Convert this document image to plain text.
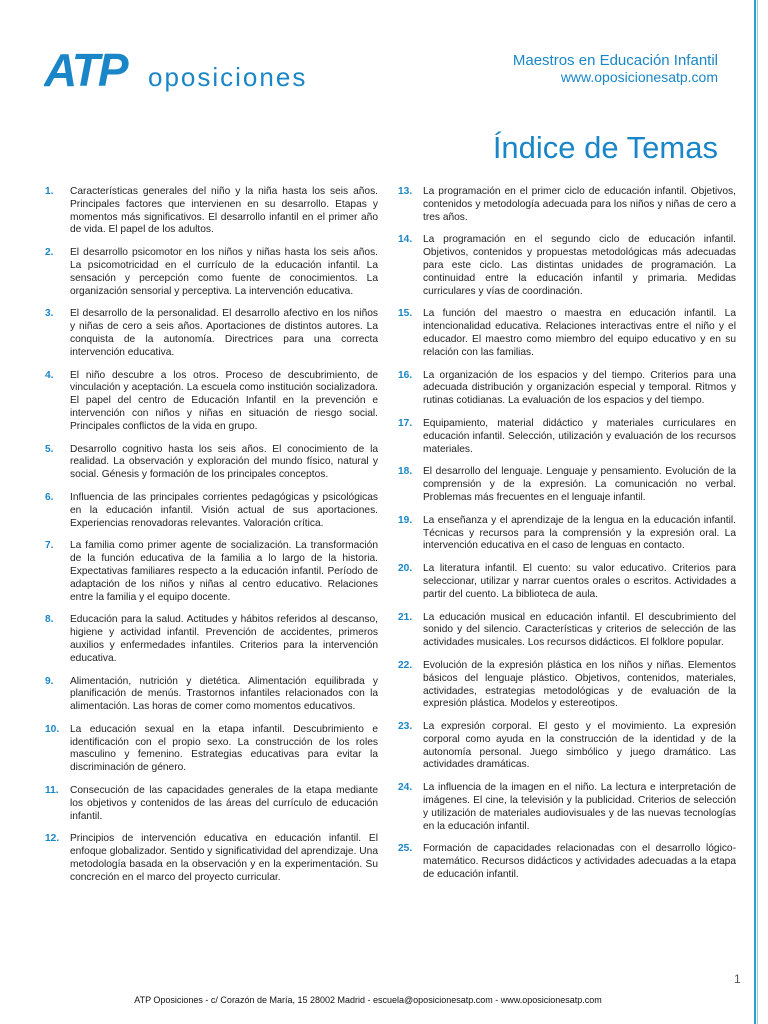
ATP oposiciones
Maestros en Educación Infantil
www.oposicionesatp.com
Índice de Temas
1.	Características generales del niño y la niña hasta los seis años. Principales factores que intervienen en su desarrollo. Etapas y momentos más significativos. El desarrollo infantil en el primer año de vida. El papel de los adultos.
2.	El desarrollo psicomotor en los niños y niñas hasta los seis años. La psicomotricidad en el currículo de la educación infantil. La sensación y percepción como fuente de conocimientos. La organización sensorial y perceptiva. La intervención educativa.
3.	El desarrollo de la personalidad. El desarrollo afectivo en los niños y niñas de cero a seis años. Aportaciones de distintos autores. La conquista de la autonomía. Directrices para una correcta intervención educativa.
4.	El niño descubre a los otros. Proceso de descubrimiento, de vinculación y aceptación. La escuela como institución socializadora. El papel del centro de Educación Infantil en la prevención e intervención con niños y niñas en situación de riesgo social. Principales conflictos de la vida en grupo.
5.	Desarrollo cognitivo hasta los seis años. El conocimiento de la realidad. La observación y exploración del mundo físico, natural y social. Génesis y formación de los principales conceptos.
6.	Influencia de las principales corrientes pedagógicas y psicológicas en la educación infantil. Visión actual de sus aportaciones. Experiencias renovadoras relevantes. Valoración crítica.
7.	La familia como primer agente de socialización. La transformación de la función educativa de la familia a lo largo de la historia. Expectativas familiares respecto a la educación infantil. Período de adaptación de los niños y niñas al centro educativo. Relaciones entre la familia y el equipo docente.
8.	Educación para la salud. Actitudes y hábitos referidos al descanso, higiene y actividad infantil. Prevención de accidentes, primeros auxilios y enfermedades infantiles. Criterios para la intervención educativa.
9.	Alimentación, nutrición y dietética. Alimentación equilibrada y planificación de menús. Trastornos infantiles relacionados con la alimentación. Las horas de comer como momentos educativos.
10.	La educación sexual en la etapa infantil. Descubrimiento e identificación con el propio sexo. La construcción de los roles masculino y femenino. Estrategias educativas para evitar la discriminación de género.
11.	Consecución de las capacidades generales de la etapa mediante los objetivos y contenidos de las áreas del currículo de educación infantil.
12.	Principios de intervención educativa en educación infantil. El enfoque globalizador. Sentido y significatividad del aprendizaje. Una metodología basada en la observación y en la experimentación. Su concreción en el marco del proyecto curricular.
13.	La programación en el primer ciclo de educación infantil. Objetivos, contenidos y metodología adecuada para los niños y niñas de cero a tres años.
14.	La programación en el segundo ciclo de educación infantil. Objetivos, contenidos y propuestas metodológicas más adecuadas para este ciclo. Las distintas unidades de programación. La continuidad entre la educación infantil y primaria. Medidas curriculares y vías de coordinación.
15.	La función del maestro o maestra en educación infantil. La intencionalidad educativa. Relaciones interactivas entre el niño y el educador. El maestro como miembro del equipo educativo y en su relación con las familias.
16.	La organización de los espacios y del tiempo. Criterios para una adecuada distribución y organización especial y temporal. Ritmos y rutinas cotidianas. La evaluación de los espacios y del tiempo.
17.	Equipamiento, material didáctico y materiales curriculares en educación infantil. Selección, utilización y evaluación de los recursos materiales.
18.	El desarrollo del lenguaje. Lenguaje y pensamiento. Evolución de la comprensión y de la expresión. La comunicación no verbal. Problemas más frecuentes en el lenguaje infantil.
19.	La enseñanza y el aprendizaje de la lengua en la educación infantil. Técnicas y recursos para la comprensión y la expresión oral. La intervención educativa en el caso de lenguas en contacto.
20.	La literatura infantil. El cuento: su valor educativo. Criterios para seleccionar, utilizar y narrar cuentos orales o escritos. Actividades a partir del cuento. La biblioteca de aula.
21.	La educación musical en educación infantil. El descubrimiento del sonido y del silencio. Características y criterios de selección de las actividades musicales. Los recursos didácticos. El folklore popular.
22.	Evolución de la expresión plástica en los niños y niñas. Elementos básicos del lenguaje plástico. Objetivos, contenidos, materiales, actividades, estrategias metodológicas y de evaluación de la expresión plástica. Modelos y estereotipos.
23.	La expresión corporal. El gesto y el movimiento. La expresión corporal como ayuda en la construcción de la identidad y de la autonomía personal. Juego simbólico y juego dramático. Las actividades dramáticas.
24.	La influencia de la imagen en el niño. La lectura e interpretación de imágenes. El cine, la televisión y la publicidad. Criterios de selección y utilización de materiales audiovisuales y de las nuevas tecnologías en la educación infantil.
25.	Formación de capacidades relacionadas con el desarrollo lógico-matemático. Recursos didácticos y actividades adecuadas a la etapa de educación infantil.
1
ATP Oposiciones - c/ Corazón de María, 15 28002 Madrid - escuela@oposicionesatp.com - www.oposicionesatp.com
